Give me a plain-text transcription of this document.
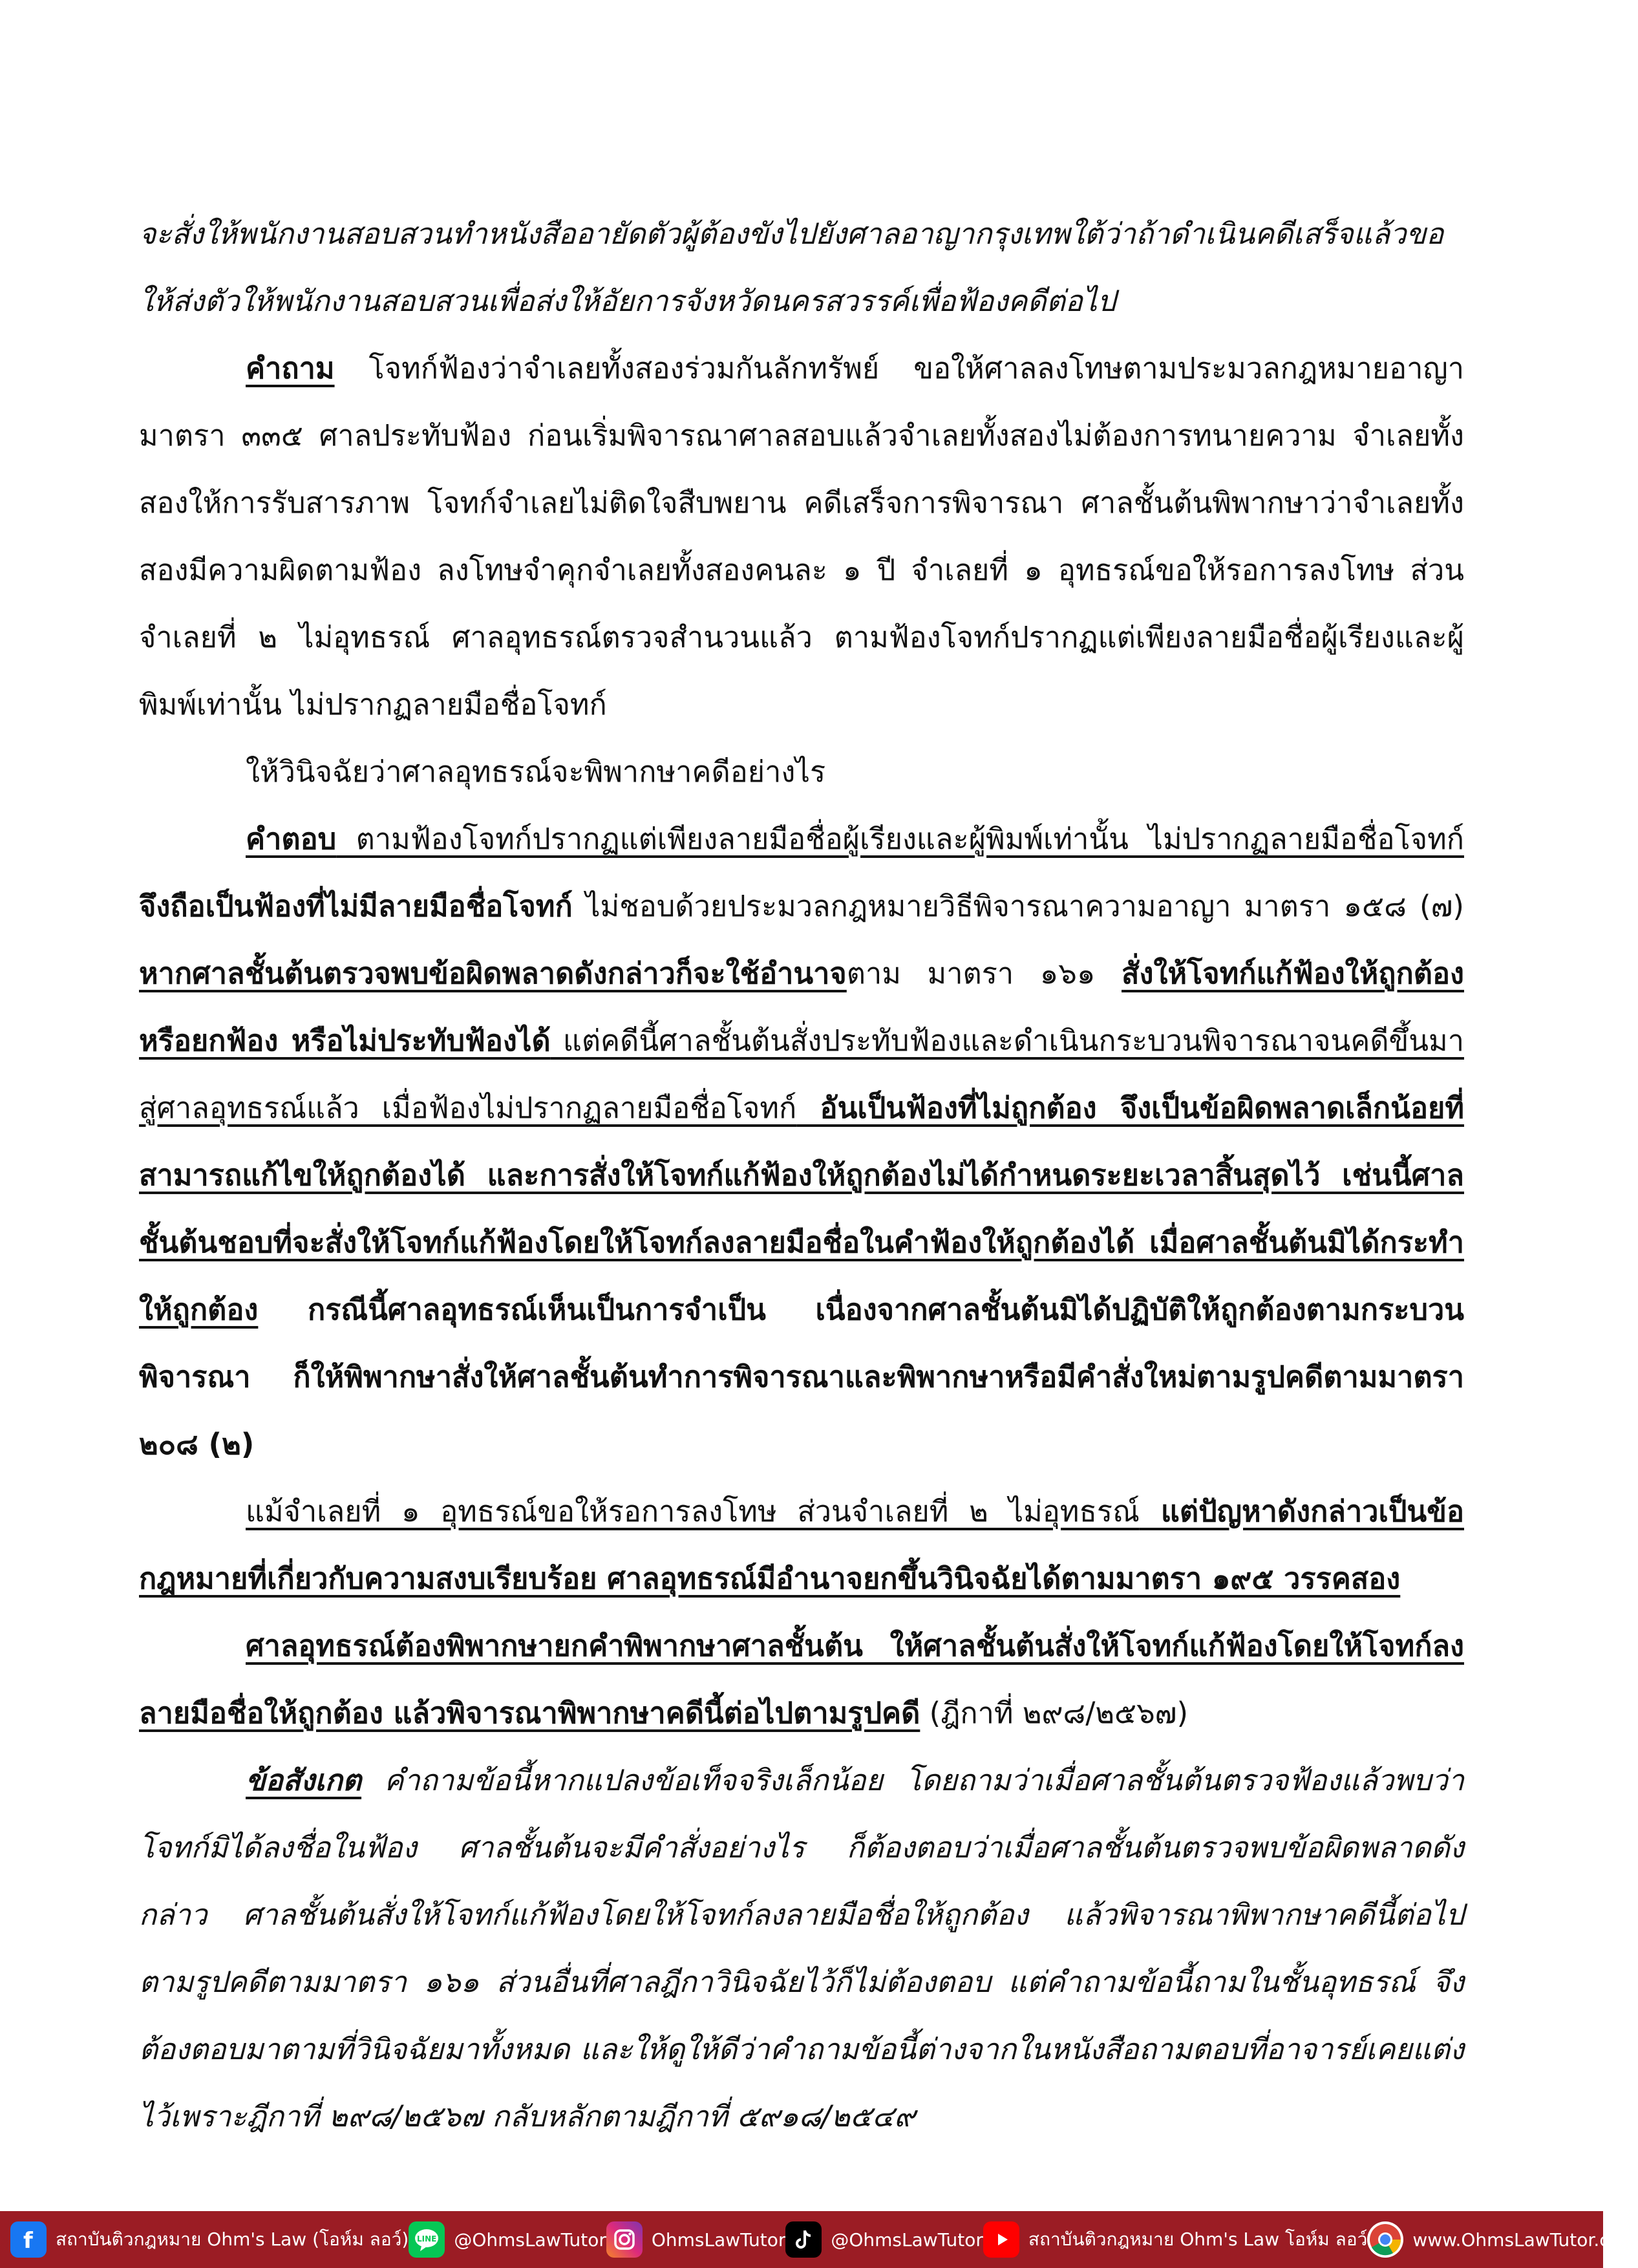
จะสั่งให้พนักงานสอบสวนทำหนังสืออายัดตัวผู้ต้องขังไปยังศาลอาญากรุงเทพใต้ว่าถ้าดำเนินคดีเสร็จแล้วขอให้ส่งตัวให้พนักงานสอบสวนเพื่อส่งให้อัยการจังหวัดนครสวรรค์เพื่อฟ้องคดีต่อไป

คำถาม โจทก์ฟ้องว่าจำเลยทั้งสองร่วมกันลักทรัพย์ ขอให้ศาลลงโทษตามประมวลกฎหมายอาญา มาตรา ๓๓๕ ศาลประทับฟ้อง ก่อนเริ่มพิจารณาศาลสอบแล้วจำเลยทั้งสองไม่ต้องการทนายความ จำเลยทั้งสองให้การรับสารภาพ โจทก์จำเลยไม่ติดใจสืบพยาน คดีเสร็จการพิจารณา ศาลชั้นต้นพิพากษาว่าจำเลยทั้งสองมีความผิดตามฟ้อง ลงโทษจำคุกจำเลยทั้งสองคนละ ๑ ปี จำเลยที่ ๑ อุทธรณ์ขอให้รอการลงโทษ ส่วนจำเลยที่ ๒ ไม่อุทธรณ์ ศาลอุทธรณ์ตรวจสำนวนแล้ว ตามฟ้องโจทก์ปรากฏแต่เพียงลายมือชื่อผู้เรียงและผู้พิมพ์เท่านั้น ไม่ปรากฏลายมือชื่อโจทก์

ให้วินิจฉัยว่าศาลอุทธรณ์จะพิพากษาคดีอย่างไร

คำตอบ ตามฟ้องโจทก์ปรากฏแต่เพียงลายมือชื่อผู้เรียงและผู้พิมพ์เท่านั้น ไม่ปรากฏลายมือชื่อโจทก์ จึงถือเป็นฟ้องที่ไม่มีลายมือชื่อโจทก์ ไม่ชอบด้วยประมวลกฎหมายวิธีพิจารณาความอาญา มาตรา ๑๕๘ (๗) หากศาลชั้นต้นตรวจพบข้อผิดพลาดดังกล่าวก็จะใช้อำนาจตาม มาตรา ๑๖๑ สั่งให้โจทก์แก้ฟ้องให้ถูกต้อง หรือยกฟ้อง หรือไม่ประทับฟ้องได้ แต่คดีนี้ศาลชั้นต้นสั่งประทับฟ้องและดำเนินกระบวนพิจารณาจนคดีขึ้นมาสู่ศาลอุทธรณ์แล้ว เมื่อฟ้องไม่ปรากฏลายมือชื่อโจทก์ อันเป็นฟ้องที่ไม่ถูกต้อง จึงเป็นข้อผิดพลาดเล็กน้อยที่สามารถแก้ไขให้ถูกต้องได้ และการสั่งให้โจทก์แก้ฟ้องให้ถูกต้องไม่ได้กำหนดระยะเวลาสิ้นสุดไว้ เช่นนี้ศาลชั้นต้นชอบที่จะสั่งให้โจทก์แก้ฟ้องโดยให้โจทก์ลงลายมือชื่อในคำฟ้องให้ถูกต้องได้ เมื่อศาลชั้นต้นมิได้กระทำให้ถูกต้อง กรณีนี้ศาลอุทธรณ์เห็นเป็นการจำเป็น เนื่องจากศาลชั้นต้นมิได้ปฏิบัติให้ถูกต้องตามกระบวนพิจารณา ก็ให้พิพากษาสั่งให้ศาลชั้นต้นทำการพิจารณาและพิพากษาหรือมีคำสั่งใหม่ตามรูปคดีตามมาตรา ๒๐๘ (๒)

แม้จำเลยที่ ๑ อุทธรณ์ขอให้รอการลงโทษ ส่วนจำเลยที่ ๒ ไม่อุทธรณ์ แต่ปัญหาดังกล่าวเป็นข้อกฎหมายที่เกี่ยวกับความสงบเรียบร้อย ศาลอุทธรณ์มีอำนาจยกขึ้นวินิจฉัยได้ตามมาตรา ๑๙๕ วรรคสอง

ศาลอุทธรณ์ต้องพิพากษายกคำพิพากษาศาลชั้นต้น ให้ศาลชั้นต้นสั่งให้โจทก์แก้ฟ้องโดยให้โจทก์ลงลายมือชื่อให้ถูกต้อง แล้วพิจารณาพิพากษาคดีนี้ต่อไปตามรูปคดี (ฎีกาที่ ๒๙๘/๒๕๖๗)

ข้อสังเกต คำถามข้อนี้หากแปลงข้อเท็จจริงเล็กน้อย โดยถามว่าเมื่อศาลชั้นต้นตรวจฟ้องแล้วพบว่าโจทก์มิได้ลงชื่อในฟ้อง ศาลชั้นต้นจะมีคำสั่งอย่างไร ก็ต้องตอบว่าเมื่อศาลชั้นต้นตรวจพบข้อผิดพลาดดังกล่าว ศาลชั้นต้นสั่งให้โจทก์แก้ฟ้องโดยให้โจทก์ลงลายมือชื่อให้ถูกต้อง แล้วพิจารณาพิพากษาคดีนี้ต่อไปตามรูปคดีตามมาตรา ๑๖๑ ส่วนอื่นที่ศาลฎีกาวินิจฉัยไว้ก็ไม่ต้องตอบ แต่คำถามข้อนี้ถามในชั้นอุทธรณ์ จึงต้องตอบมาตามที่วินิจฉัยมาทั้งหมด และให้ดูให้ดีว่าคำถามข้อนี้ต่างจากในหนังสือถามตอบที่อาจารย์เคยแต่งไว้เพราะฎีกาที่ ๒๙๘/๒๕๖๗ กลับหลักตามฎีกาที่ ๕๙๑๘/๒๕๔๙

f สถาบันติวกฎหมาย Ohm's Law (โอห์ม ลอว์) LINE @OhmsLawTutor	OhmsLawTutor	@OhmsLawTutor	สถาบันติวกฎหมาย Ohm's Law โอห์ม ลอว์	www.OhmsLawTutor.com
